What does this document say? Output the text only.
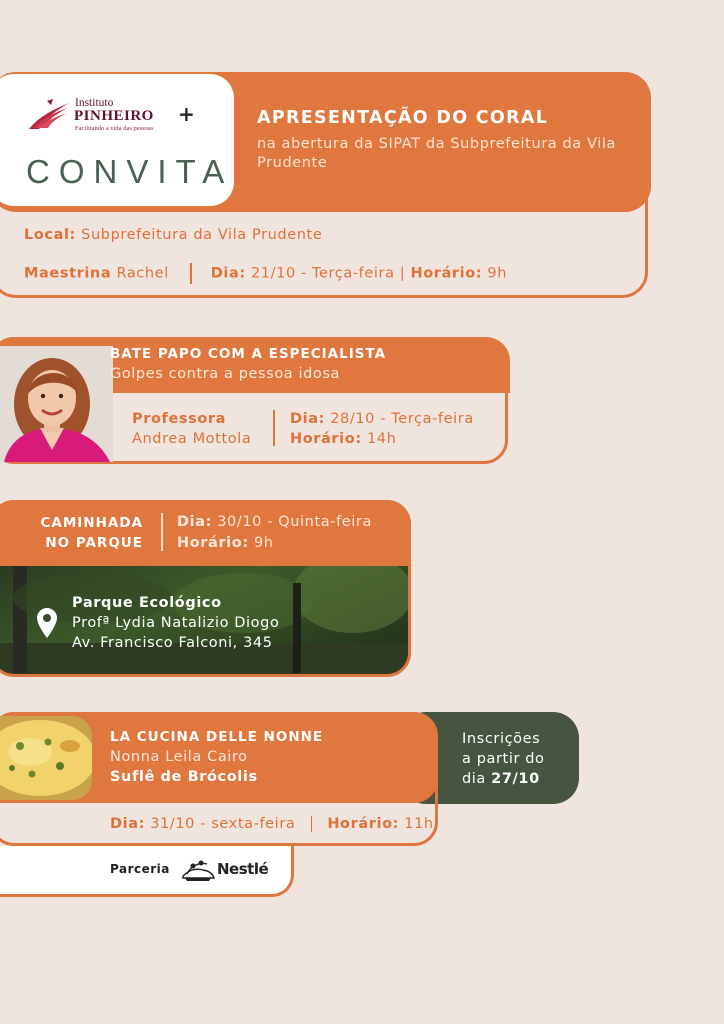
Instituto
PINHEIRO
Facilitando a vida das pessoas
+
CONVITA
APRESENTAÇÃO DO CORAL
na abertura da SIPAT da Subprefeitura da Vila Prudente
Local: Subprefeitura da Vila Prudente
Maestrina Rachel	Dia: 21/10 - Terça-feira | Horário: 9h
BATE PAPO COM A ESPECIALISTA
Golpes contra a pessoa idosa
Professora
Andrea Mottola
Dia: 28/10 - Terça-feira
Horário: 14h
CAMINHADA
NO PARQUE
Dia: 30/10 - Quinta-feira
Horário: 9h
Parque Ecológico
Profª Lydia Natalizio Diogo
Av. Francisco Falconi, 345
Inscrições
a partir do
dia 27/10
LA CUCINA DELLE NONNE
Nonna Leila Cairo
Suflê de Brócolis
Dia: 31/10 - sexta-feira Horário: 11h
Parceria	Nestlé
